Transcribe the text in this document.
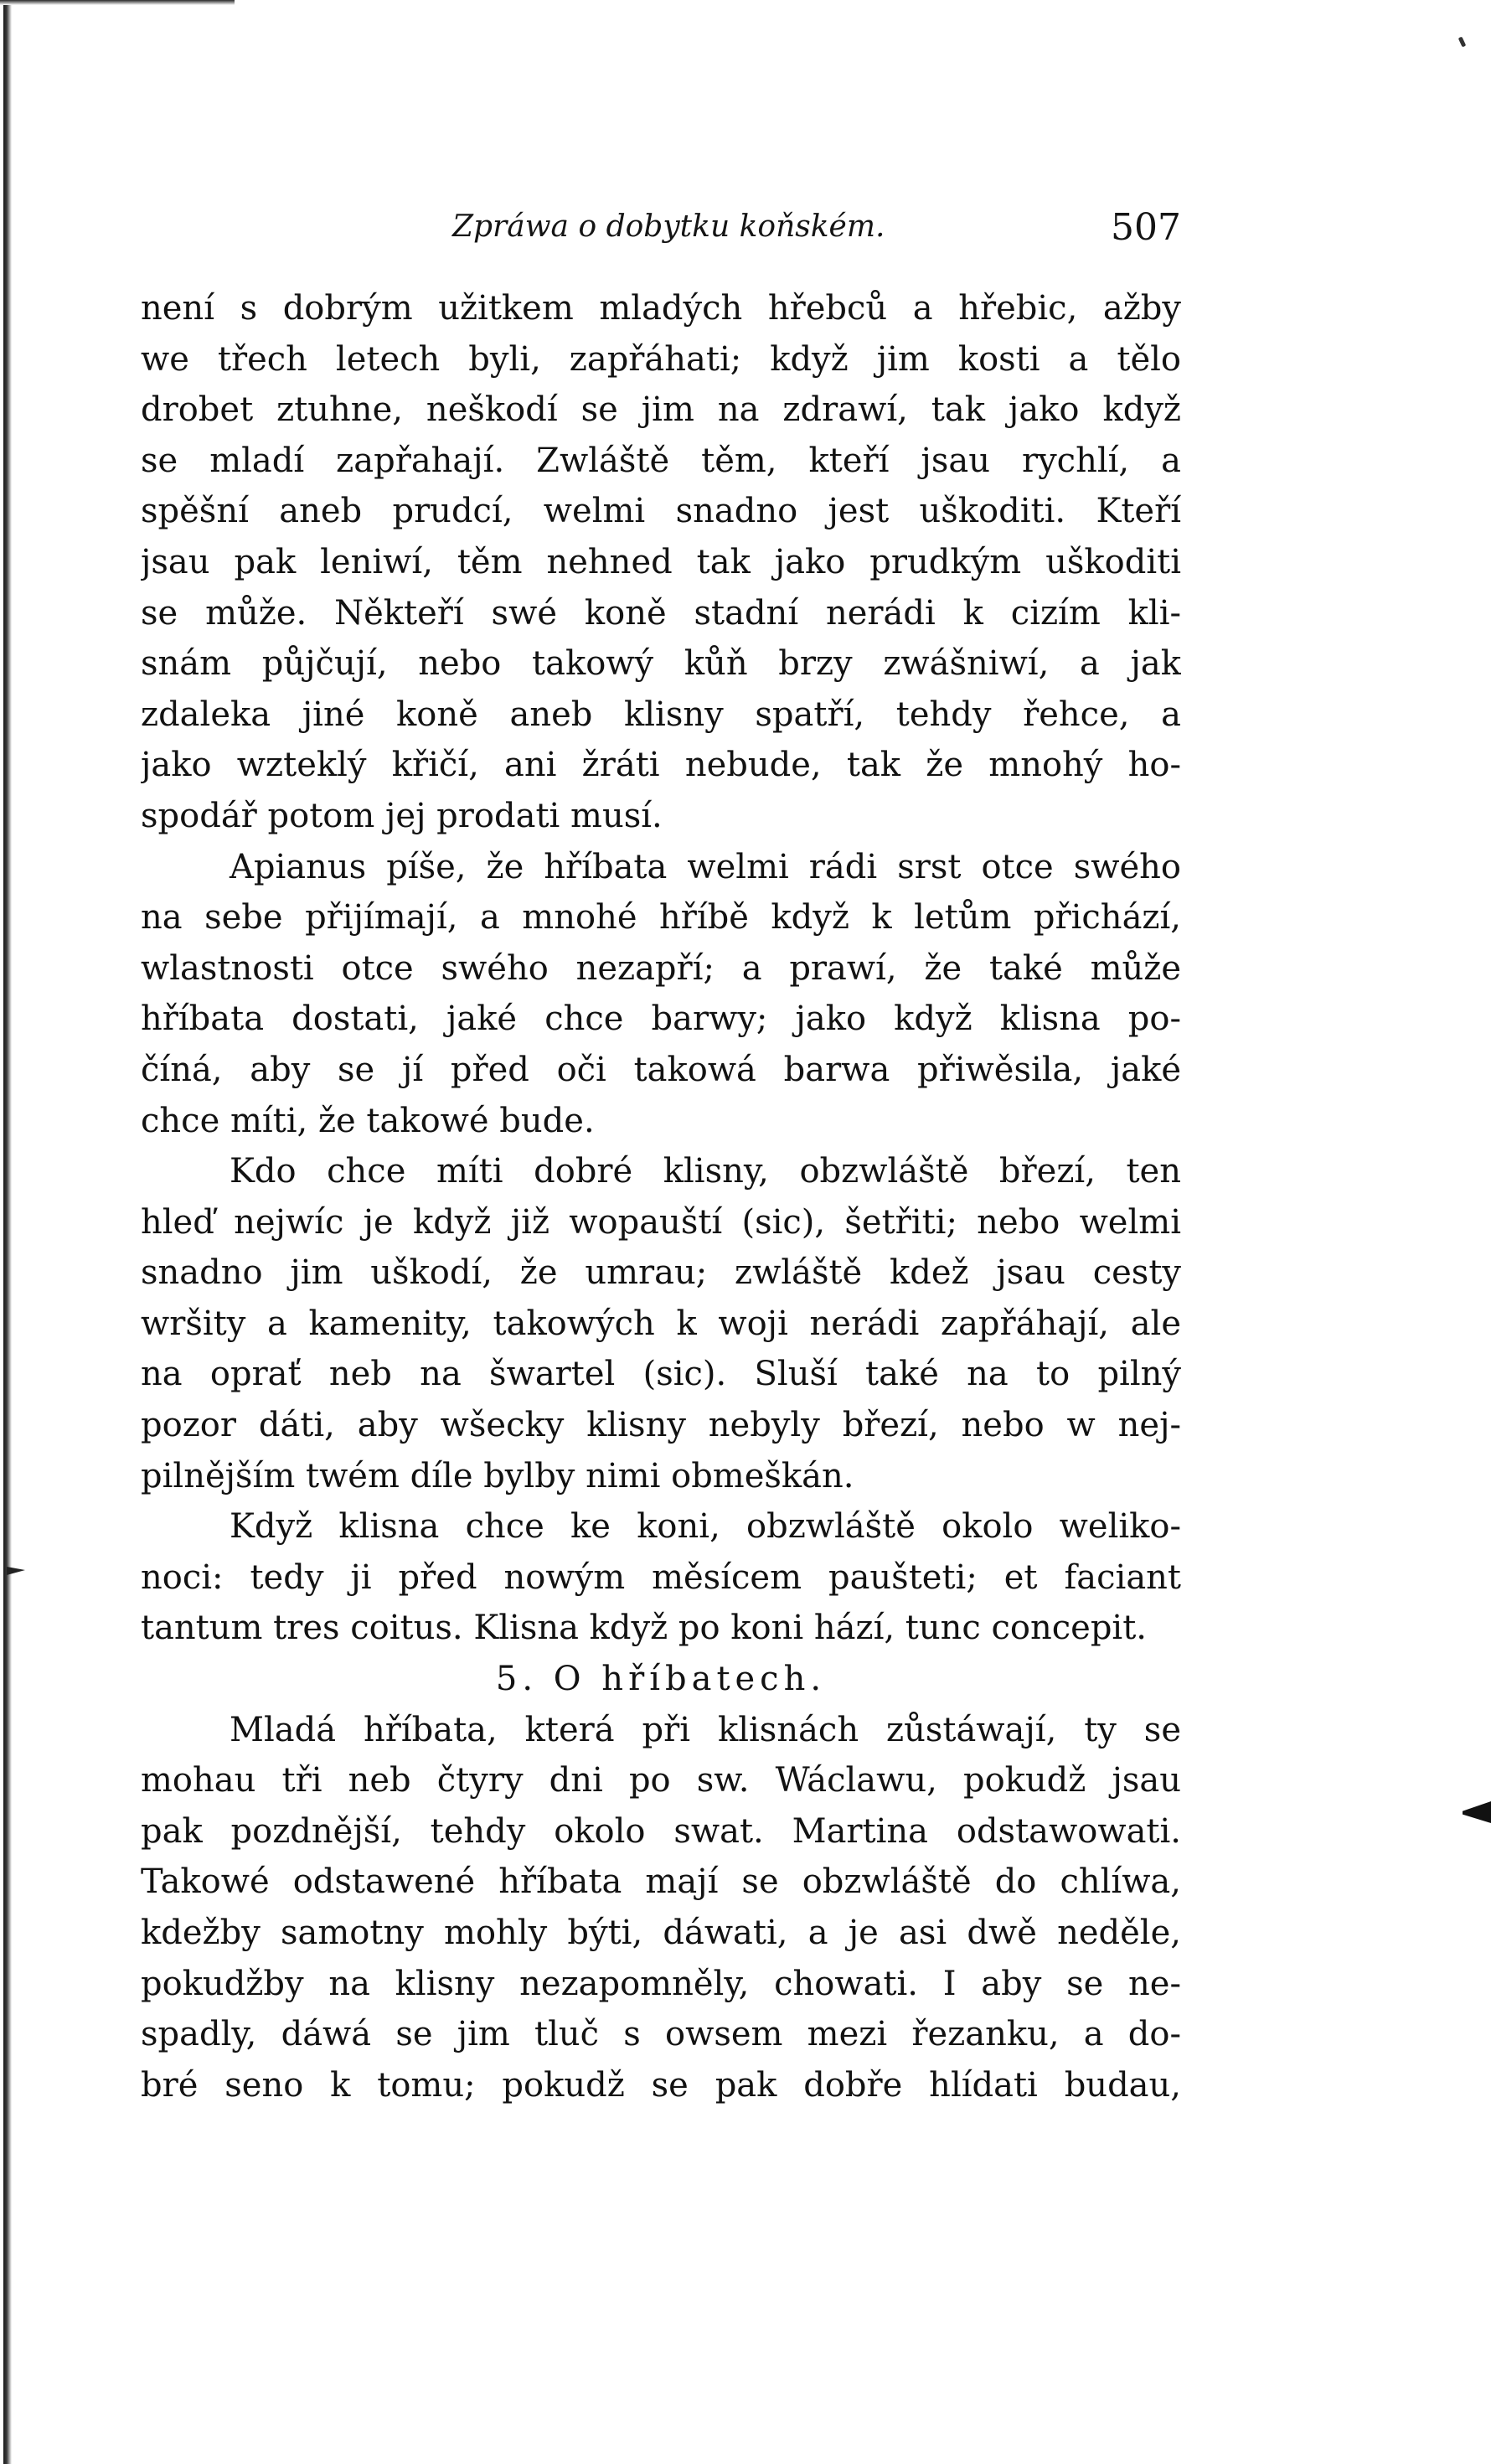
Zpráwa o dobytku koňském.	507
není s dobrým užitkem mladých hřebců a hřebic, ažby
we třech letech byli, zapřáhati; když jim kosti a tělo
drobet ztuhne, neškodí se jim na zdrawí, tak jako když
se mladí zapřahají. Zwláště těm, kteří jsau rychlí, a
spěšní aneb prudcí, welmi snadno jest uškoditi. Kteří
jsau pak leniwí, těm nehned tak jako prudkým uškoditi
se může. Někteří swé koně stadní nerádi k cizím kli-
snám půjčují, nebo takowý kůň brzy zwášniwí, a jak
zdaleka jiné koně aneb klisny spatří, tehdy řehce, a
jako wzteklý křičí, ani žráti nebude, tak že mnohý ho-
spodář potom jej prodati musí.
Apianus píše, že hříbata welmi rádi srst otce swého
na sebe přijímají, a mnohé hříbě když k letům přichází,
wlastnosti otce swého nezapří; a prawí, že také může
hříbata dostati, jaké chce barwy; jako když klisna po-
číná, aby se jí před oči takowá barwa přiwěsila, jaké
chce míti, že takowé bude.
Kdo chce míti dobré klisny, obzwláště březí, ten
hleď nejwíc je když již wopauští (sic), šetřiti; nebo welmi
snadno jim uškodí, že umrau; zwláště kdež jsau cesty
wršity a kamenity, takowých k woji nerádi zapřáhají, ale
na oprať neb na šwartel (sic). Sluší také na to pilný
pozor dáti, aby wšecky klisny nebyly březí, nebo w nej-
pilnějším twém díle bylby nimi obmeškán.
Když klisna chce ke koni, obzwláště okolo weliko-
noci: tedy ji před nowým měsícem paušteti; et faciant
tantum tres coitus. Klisna když po koni hází, tunc concepit.
5. O hříbatech.
Mladá hříbata, která při klisnách zůstáwají, ty se
mohau tři neb čtyry dni po sw. Wáclawu, pokudž jsau
pak pozdnější, tehdy okolo swat. Martina odstawowati.
Takowé odstawené hříbata mají se obzwláště do chlíwa,
kdežby samotny mohly býti, dáwati, a je asi dwě neděle,
pokudžby na klisny nezapomněly, chowati. I aby se ne-
spadly, dáwá se jim tluč s owsem mezi řezanku, a do-
bré seno k tomu; pokudž se pak dobře hlídati budau,
